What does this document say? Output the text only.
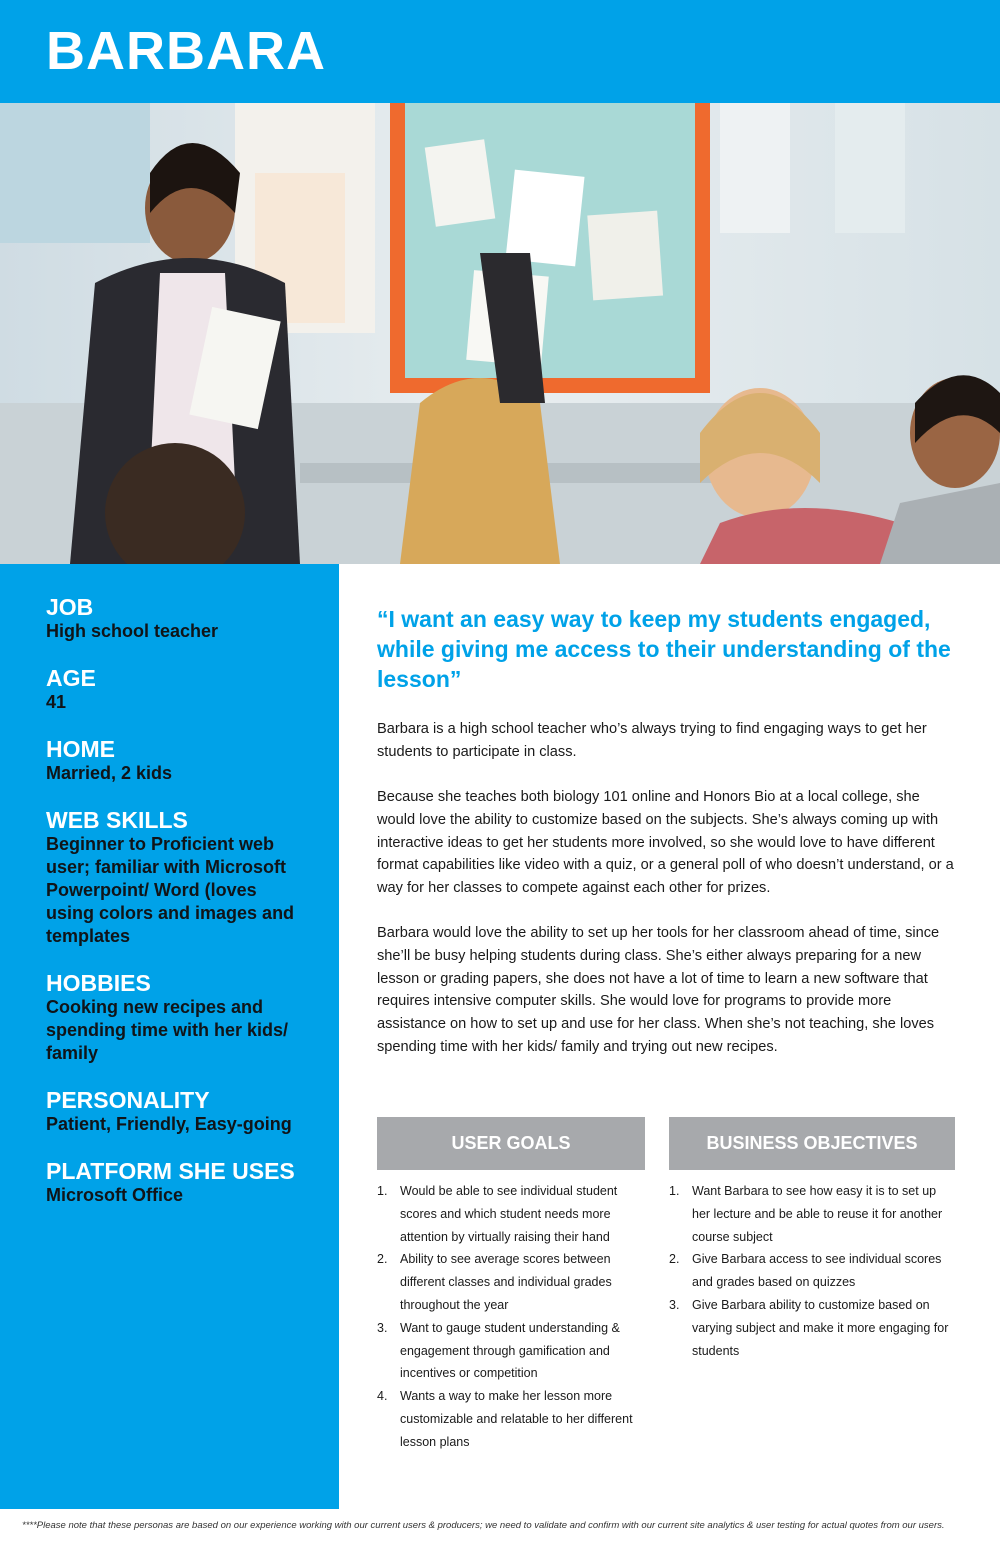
BARBARA
JOB
High school teacher
AGE
41
HOME
Married, 2 kids
WEB SKILLS
Beginner to Proficient web user; familiar with Microsoft Powerpoint/ Word (loves using colors and images and templates
HOBBIES
Cooking new recipes and spending time with her kids/ family
PERSONALITY
Patient, Friendly, Easy-going
PLATFORM SHE USES
Microsoft Office
“I want an easy way to keep my students engaged, while giving me access to their understanding of the lesson”

Barbara is a high school teacher who’s always trying to find engaging ways to get her students to participate in class.

Because she teaches both biology 101 online and Honors Bio at a local college, she would love the ability to customize based on the subjects. She’s always coming up with interactive ideas to get her students more involved, so she would love to have different format capabilities like video with a quiz, or a general poll of who doesn’t understand, or a way for her classes to compete against each other for prizes.

Barbara would love the ability to set up her tools for her classroom ahead of time, since she’ll be busy helping students during class. She’s either always preparing for a new lesson or grading papers, she does not have a lot of time to learn a new software that requires intensive computer skills. She would love for programs to provide more assistance on how to set up and use for her class. When she’s not teaching, she loves spending time with her kids/ family and trying out new recipes.

USER GOALS
1. Would be able to see individual student scores and which student needs more attention by virtually raising their hand
2. Ability to see average scores between different classes and individual grades throughout the year
3. Want to gauge student understanding & engagement through gamification and incentives or competition
4. Wants a way to make her lesson more customizable and relatable to her different lesson plans
BUSINESS OBJECTIVES
1. Want Barbara to see how easy it is to set up her lecture and be able to reuse it for another course subject
2. Give Barbara access to see individual scores and grades based on quizzes
3. Give Barbara ability to customize based on varying subject and make it more engaging for students
****Please note that these personas are based on our experience working with our current users & producers; we need to validate and confirm with our current site analytics & user testing for actual quotes from our users.
